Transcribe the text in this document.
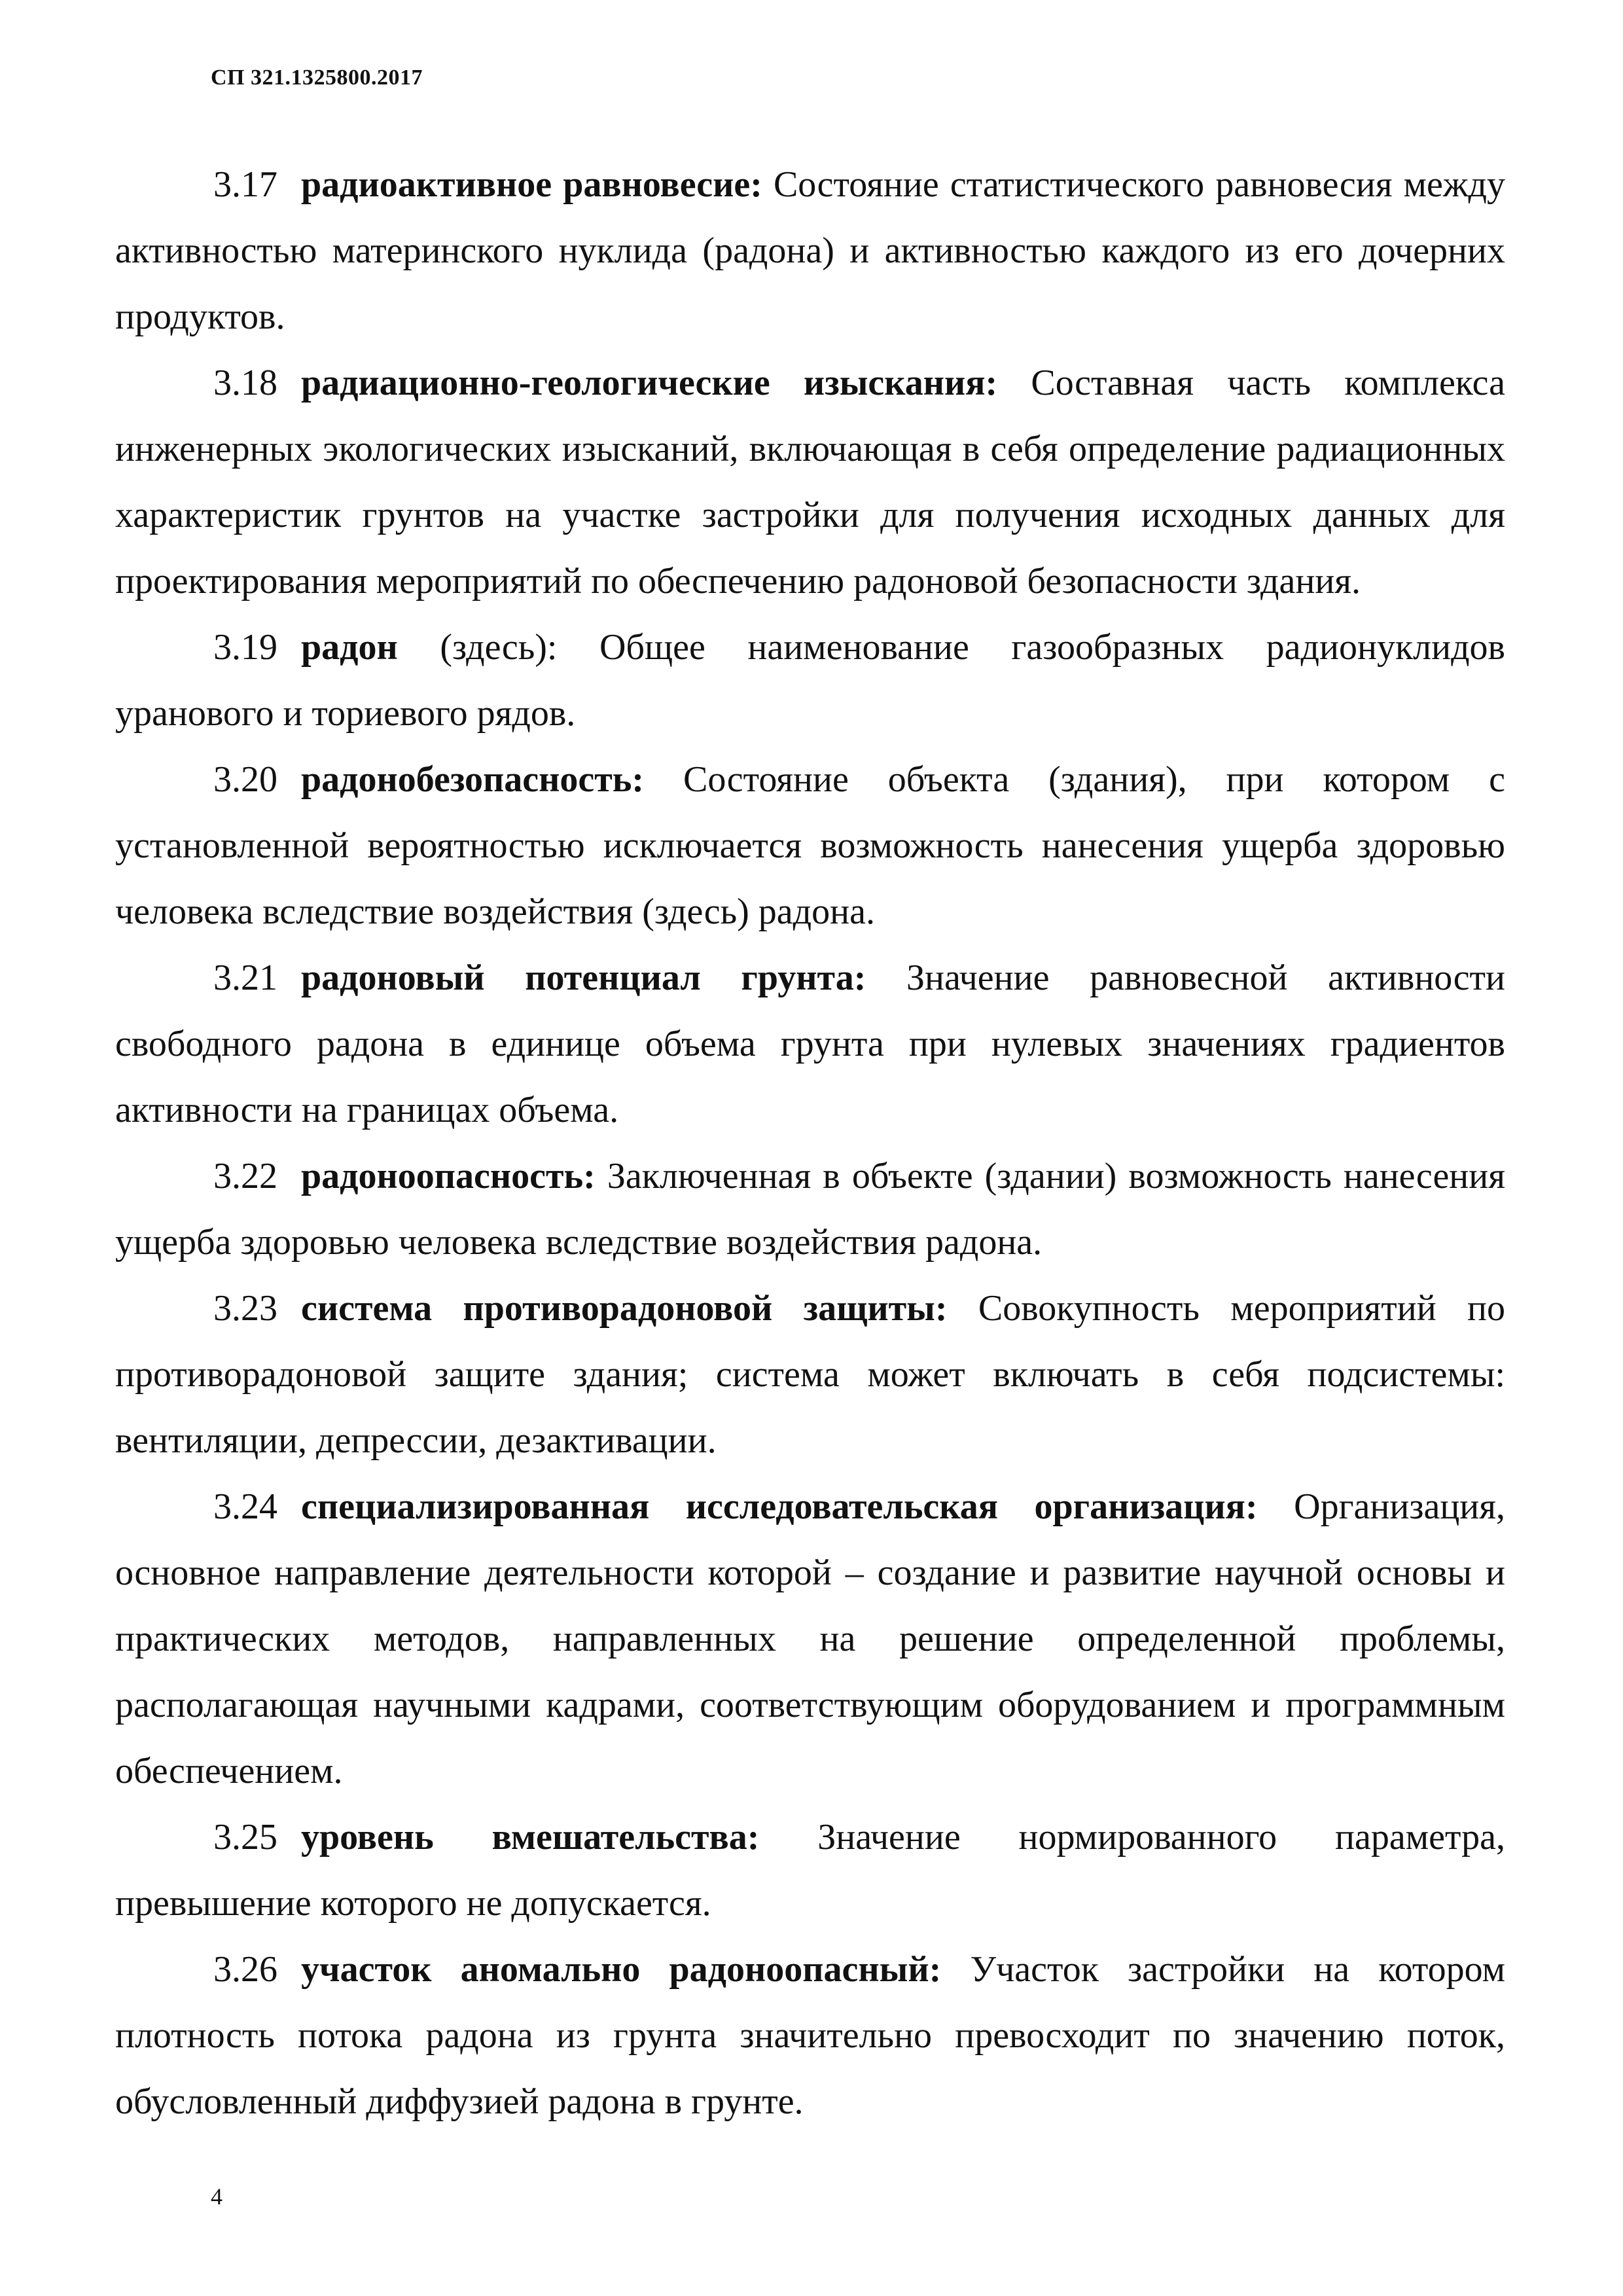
СП 321.1325800.2017

3.17 радиоактивное равновесие: Состояние статистического равновесия между активностью материнского нуклида (радона) и активностью каждого из его дочерних продуктов.

3.18 радиационно-геологические изыскания: Составная часть комплекса инженерных экологических изысканий, включающая в себя определение радиационных характеристик грунтов на участке застройки для получения исходных данных для проектирования мероприятий по обеспечению радоновой безопасности здания.

3.19 радон (здесь): Общее наименование газообразных радионуклидов уранового и ториевого рядов.

3.20 радонобезопасность: Состояние объекта (здания), при котором с установленной вероятностью исключается возможность нанесения ущерба здоровью человека вследствие воздействия (здесь) радона.

3.21 радоновый потенциал грунта: Значение равновесной активности свободного радона в единице объема грунта при нулевых значениях градиентов активности на границах объема.

3.22 радоноопасность: Заключенная в объекте (здании) возможность нанесения ущерба здоровью человека вследствие воздействия радона.

3.23 система противорадоновой защиты: Совокупность мероприятий по противорадоновой защите здания; система может включать в себя подсистемы: вентиляции, депрессии, дезактивации.

3.24 специализированная исследовательская организация: Организация, основное направление деятельности которой – создание и развитие научной основы и практических методов, направленных на решение определенной проблемы, располагающая научными кадрами, соответствующим оборудованием и программным обеспечением.

3.25 уровень вмешательства: Значение нормированного параметра, превышение которого не допускается.

3.26 участок аномально радоноопасный: Участок застройки на котором плотность потока радона из грунта значительно превосходит по значению поток, обусловленный диффузией радона в грунте.

4
